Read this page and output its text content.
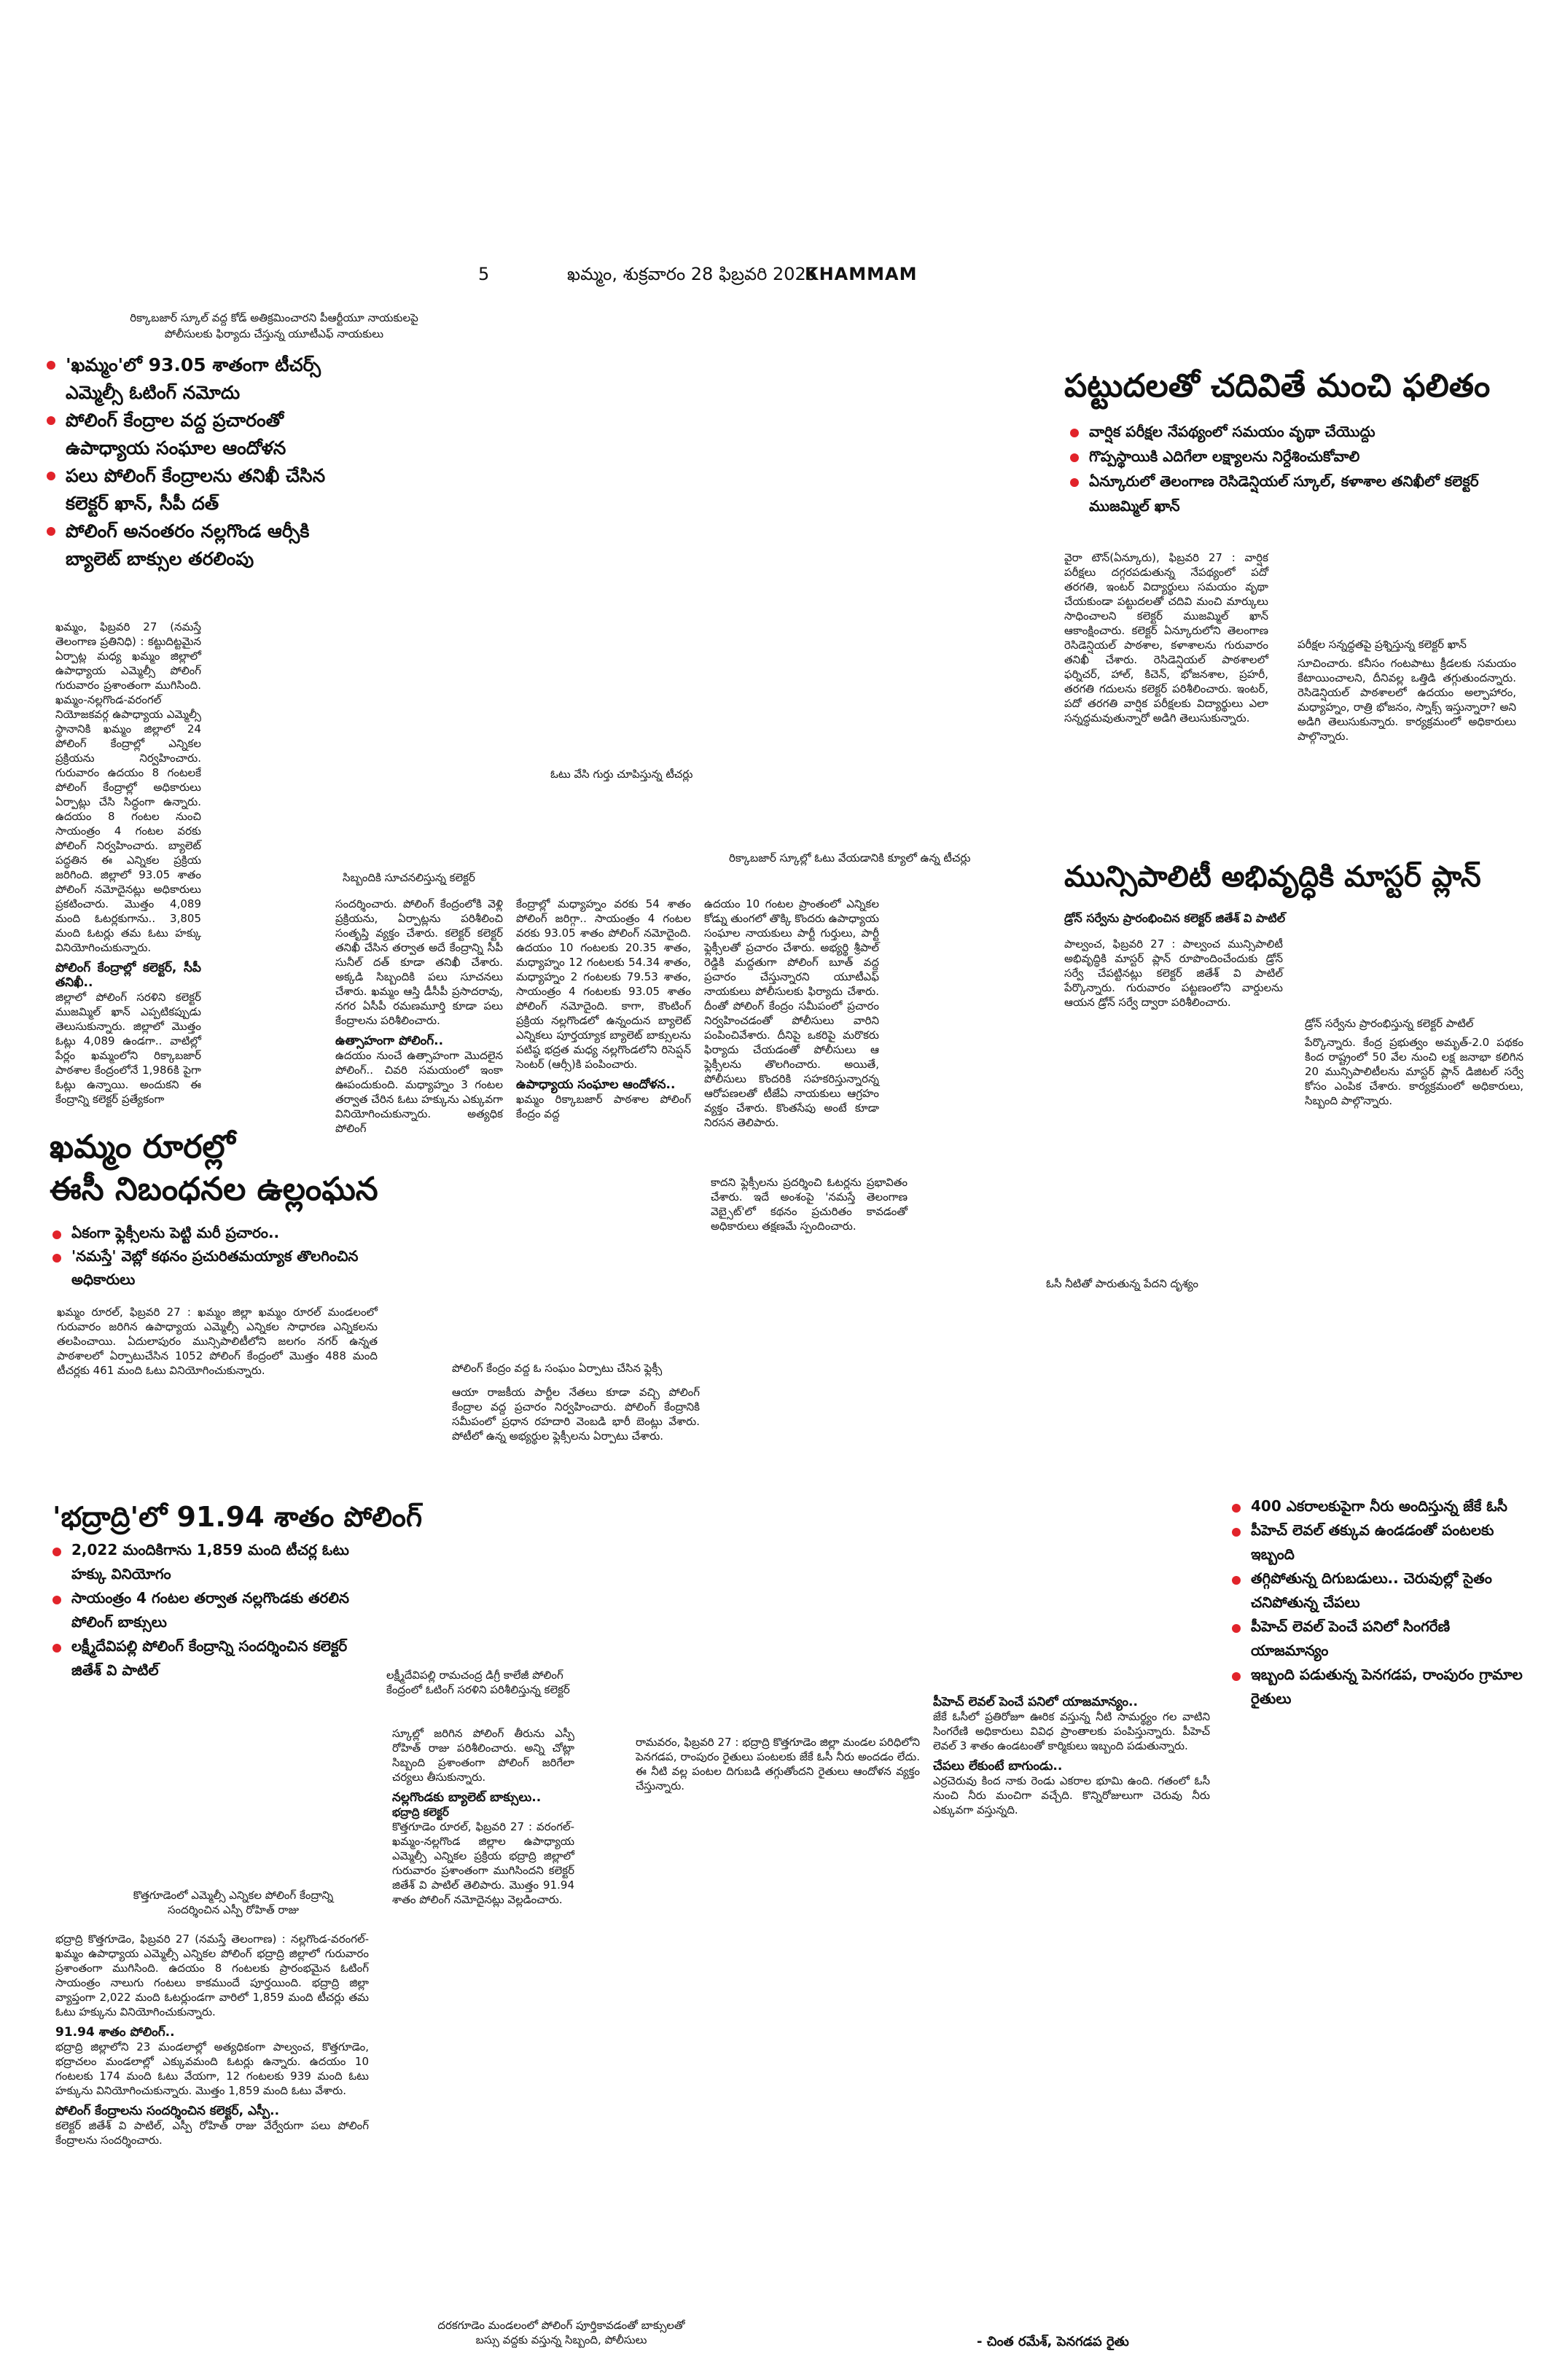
5	ఖమ్మం, శుక్రవారం 28 ఫిబ్రవరి 2025
KHAMMAM
రిక్కాబజార్ స్కూల్ వద్ద కోడ్ అతిక్రమించారని పీఆర్టీయూ నాయకులపై
పోలీసులకు ఫిర్యాదు చేస్తున్న యూటీఎఫ్ నాయకులు
'ఖమ్మం'లో 93.05 శాతంగా టీచర్స్ ఎమ్మెల్సీ ఓటింగ్ నమోదు
పోలింగ్ కేంద్రాల వద్ద ప్రచారంతో ఉపాధ్యాయ సంఘాల ఆందోళన
పలు పోలింగ్ కేంద్రాలను తనిఖీ చేసిన కలెక్టర్ ఖాన్, సీపీ దత్
పోలింగ్ అనంతరం నల్లగొండ ఆర్సీకి బ్యాలెట్ బాక్సుల తరలింపు

ఖమ్మం, ఫిబ్రవరి 27 (నమస్తే తెలంగాణ ప్రతినిధి) : కట్టుదిట్టమైన ఏర్పాట్ల మధ్య ఖమ్మం జిల్లాలో ఉపాధ్యాయ ఎమ్మెల్సీ పోలింగ్ గురువారం ప్రశాంతంగా ముగిసింది. ఖమ్మం-నల్లగొండ-వరంగల్ నియోజకవర్గ ఉపాధ్యాయ ఎమ్మెల్సీ స్థానానికి ఖమ్మం జిల్లాలో 24 పోలింగ్ కేంద్రాల్లో ఎన్నికల ప్రక్రియను నిర్వహించారు. గురువారం ఉదయం 8 గంటలకే పోలింగ్ కేంద్రాల్లో అధికారులు ఏర్పాట్లు చేసి సిద్ధంగా ఉన్నారు. ఉదయం 8 గంటల నుంచి సాయంత్రం 4 గంటల వరకు పోలింగ్ నిర్వహించారు. బ్యాలెట్ పద్ధతిన ఈ ఎన్నికల ప్రక్రియ జరిగింది. జిల్లాలో 93.05 శాతం పోలింగ్ నమోదైనట్లు అధికారులు ప్రకటించారు. మొత్తం 4,089 మంది ఓటర్లకుగాను.. 3,805 మంది ఓటర్లు తమ ఓటు హక్కు వినియోగించుకున్నారు.

పోలింగ్ కేంద్రాల్లో కలెక్టర్, సీపీ తనిఖీ..

జిల్లాలో పోలింగ్ సరళిని కలెక్టర్ ముజమ్మిల్ ఖాన్ ఎప్పటికప్పుడు తెలుసుకున్నారు. జిల్లాలో మొత్తం ఓట్లు 4,089 ఉండగా.. వాటిల్లో పేర్లం ఖమ్మంలోని రిక్కాబజార్ పాఠశాల కేంద్రంలోనే 1,986కి పైగా ఓట్లు ఉన్నాయి. అందుకని ఈ కేంద్రాన్ని కలెక్టర్ ప్రత్యేకంగా

ఓటు వేసి గుర్తు చూపిస్తున్న టీచర్లు
సిబ్బందికి సూచనలిస్తున్న కలెక్టర్
రిక్కాబజార్ స్కూల్లో ఓటు వేయడానికి క్యూలో ఉన్న టీచర్లు

సందర్శించారు. పోలింగ్ కేంద్రంలోకి వెళ్లి ప్రక్రియను, ఏర్పాట్లను పరిశీలించి సంతృప్తి వ్యక్తం చేశారు. కలెక్టర్ కలెక్టర్ తనిఖీ చేసిన తర్వాత అదే కేంద్రాన్ని సీపీ సునీల్ దత్ కూడా తనిఖీ చేశారు. అక్కడి సిబ్బందికి పలు సూచనలు చేశారు. ఖమ్మం ఆస్తి డీసీపీ ప్రసాదరావు, నగర ఏసీపీ రమణమూర్తి కూడా పలు కేంద్రాలను పరిశీలించారు.

ఉత్సాహంగా పోలింగ్..

ఉదయం నుంచే ఉత్సాహంగా మొదలైన పోలింగ్.. చివరి సమయంలో ఇంకా ఊపందుకుంది. మధ్యాహ్నం 3 గంటల తర్వాత చేరిన ఓటు హక్కును ఎక్కువగా వినియోగించుకున్నారు. అత్యధిక పోలింగ్

కేంద్రాల్లో మధ్యాహ్నం వరకు 54 శాతం పోలింగ్ జరిగ్గా.. సాయంత్రం 4 గంటల వరకు 93.05 శాతం పోలింగ్ నమోదైంది. ఉదయం 10 గంటలకు 20.35 శాతం, మధ్యాహ్నం 12 గంటలకు 54.34 శాతం, మధ్యాహ్నం 2 గంటలకు 79.53 శాతం, సాయంత్రం 4 గంటలకు 93.05 శాతం పోలింగ్ నమోదైంది. కాగా, కౌంటింగ్ ప్రక్రియ నల్లగొండలో ఉన్నందున బ్యాలెట్ ఎన్నికలు పూర్తయ్యాక బ్యాలెట్ బాక్సులను పటిష్ఠ భద్రత మధ్య నల్లగొండలోని రిసెప్షన్ సెంటర్ (ఆర్సీ)కి పంపించారు.

ఉపాధ్యాయ సంఘాల ఆందోళన..

ఖమ్మం రిక్కాబజార్ పాఠశాల పోలింగ్ కేంద్రం వద్ద

ఉదయం 10 గంటల ప్రాంతంలో ఎన్నికల కోడ్ను తుంగలో తొక్కి కొందరు ఉపాధ్యాయ సంఘాల నాయకులు పార్టీ గుర్తులు, పార్టీ ఫ్లెక్సీలతో ప్రచారం చేశారు. అభ్యర్థి శ్రీపాల్ రెడ్డికి మద్దతుగా పోలింగ్ బూత్ వద్ద ప్రచారం చేస్తున్నారని యూటీఎఫ్ నాయకులు పోలీసులకు ఫిర్యాదు చేశారు. దీంతో పోలింగ్ కేంద్రం సమీపంలో ప్రచారం నిర్వహించడంతో పోలీసులు వారిని పంపించివేశారు. దీనిపై ఒకరిపై మరొకరు ఫిర్యాదు చేయడంతో పోలీసులు ఆ ఫ్లెక్సీలను తొలగించారు. అయితే, పోలీసులు కొందరికి సహకరిస్తున్నారన్న ఆరోపణలతో టీజేఏ నాయకులు ఆగ్రహం వ్యక్తం చేశారు. కొంతసేపు అంటే కూడా నిరసన తెలిపారు.

పట్టుదలతో చదివితే మంచి ఫలితం
వార్షిక పరీక్షల నేపథ్యంలో సమయం వృథా చేయొద్దు
గొప్పస్థాయికి ఎదిగేలా లక్ష్యాలను నిర్దేశించుకోవాలి
ఏన్కూరులో తెలంగాణ రెసిడెన్షియల్ స్కూల్, కళాశాల తనిఖీలో కలెక్టర్ ముజమ్మిల్ ఖాన్
వైరా టౌన్(ఏన్కూరు), ఫిబ్రవరి 27 : వార్షిక పరీక్షలు దగ్గరపడుతున్న నేపథ్యంలో పదో తరగతి, ఇంటర్ విద్యార్థులు సమయం వృథా చేయకుండా పట్టుదలతో చదివి మంచి మార్కులు సాధించాలని కలెక్టర్ ముజమ్మిల్ ఖాన్ ఆకాంక్షించారు. కలెక్టర్ ఏన్కూరులోని తెలంగాణ రెసిడెన్షియల్ పాఠశాల, కళాశాలను గురువారం తనిఖీ చేశారు. రెసిడెన్షియల్ పాఠశాలలో ఫర్నిచర్, హాల్, కిచెన్, భోజనశాల, ప్రహరీ, తరగతి గదులను కలెక్టర్ పరిశీలించారు. ఇంటర్, పదో తరగతి వార్షిక పరీక్షలకు విద్యార్థులు ఎలా సన్నద్ధమవుతున్నారో అడిగి తెలుసుకున్నారు.
పరీక్షల సన్నద్ధతపై ప్రశ్నిస్తున్న కలెక్టర్ ఖాన్
సూచించారు. కనీసం గంటపాటు క్రీడలకు సమయం కేటాయించాలని, దీనివల్ల ఒత్తిడి తగ్గుతుందన్నారు. రెసిడెన్షియల్ పాఠశాలలో ఉదయం అల్పాహారం, మధ్యాహ్నం, రాత్రి భోజనం, స్నాక్స్ ఇస్తున్నారా? అని అడిగి తెలుసుకున్నారు. కార్యక్రమంలో అధికారులు పాల్గొన్నారు.
మున్సిపాలిటీ అభివృద్ధికి మాస్టర్ ప్లాన్
డ్రోన్ సర్వేను ప్రారంభించిన కలెక్టర్ జితేశ్ వి పాటిల్
పాల్వంచ, ఫిబ్రవరి 27 : పాల్వంచ మున్సిపాలిటీ అభివృద్ధికి మాస్టర్ ప్లాన్ రూపొందించేందుకు డ్రోన్ సర్వే చేపట్టినట్లు కలెక్టర్ జితేశ్ వి పాటిల్ పేర్కొన్నారు. గురువారం పట్టణంలోని వార్డులను ఆయన డ్రోన్ సర్వే ద్వారా పరిశీలించారు.
డ్రోన్ సర్వేను ప్రారంభిస్తున్న కలెక్టర్ పాటిల్
పేర్కొన్నారు. కేంద్ర ప్రభుత్వం అమృత్-2.0 పథకం కింద రాష్ట్రంలో 50 వేల నుంచి లక్ష జనాభా కలిగిన 20 మున్సిపాలిటీలను మాస్టర్ ప్లాన్ డిజిటల్ సర్వే కోసం ఎంపిక చేశారు. కార్యక్రమంలో అధికారులు, సిబ్బంది పాల్గొన్నారు.
ఓసీ నీటితో పారుతున్న పేదని దృశ్యం
ఖమ్మం రూరల్లో
ఈసీ నిబంధనల ఉల్లంఘన
ఏకంగా ఫ్లెక్సీలను పెట్టి మరీ ప్రచారం..
'నమస్తే' వెబ్లో కథనం ప్రచురితమయ్యాక తొలగించిన అధికారులు
ఖమ్మం రూరల్, ఫిబ్రవరి 27 : ఖమ్మం జిల్లా ఖమ్మం రూరల్ మండలంలో గురువారం జరిగిన ఉపాధ్యాయ ఎమ్మెల్సీ ఎన్నికల సాధారణ ఎన్నికలను తలపించాయి. ఏదులాపురం మున్సిపాలిటీలోని జలగం నగర్ ఉన్నత పాఠశాలలో ఏర్పాటుచేసిన 1052 పోలింగ్ కేంద్రంలో మొత్తం 488 మంది టీచర్లకు 461 మంది ఓటు వినియోగించుకున్నారు.	పోలింగ్ కేంద్రం వద్ద ఓ సంఘం ఏర్పాటు చేసిన ఫ్లెక్సీ
ఆయా రాజకీయ పార్టీల నేతలు కూడా వచ్చి పోలింగ్ కేంద్రాల వద్ద ప్రచారం నిర్వహించారు. పోలింగ్ కేంద్రానికి సమీపంలో ప్రధాన రహదారి వెంబడి భారీ బెంట్లు వేశారు. పోటీలో ఉన్న అభ్యర్థుల ఫ్లెక్సీలను ఏర్పాటు చేశారు.
కాదని ఫ్లెక్సీలను ప్రదర్శించి ఓటర్లను ప్రభావితం చేశారు. ఇదే అంశంపై 'నమస్తే తెలంగాణ వెబ్సైట్'లో కథనం ప్రచురితం కావడంతో అధికారులు తక్షణమే స్పందించారు.
'భద్రాద్రి'లో 91.94 శాతం పోలింగ్
2,022 మందికిగాను 1,859 మంది టీచర్ల ఓటు హక్కు వినియోగం
సాయంత్రం 4 గంటల తర్వాత నల్లగొండకు తరలిన పోలింగ్ బాక్సులు
లక్ష్మీదేవిపల్లి పోలింగ్ కేంద్రాన్ని సందర్శించిన కలెక్టర్ జితేశ్ వి పాటిల్	లక్ష్మీదేవిపల్లి రామచంద్ర డిగ్రీ కాలేజీ పోలింగ్
కేంద్రంలో ఓటింగ్ సరళిని పరిశీలిస్తున్న కలెక్టర్
కొత్తగూడెంలో ఎమ్మెల్సీ ఎన్నికల పోలింగ్ కేంద్రాన్ని
సందర్శించిన ఎస్పీ రోహిత్ రాజు

భద్రాద్రి కొత్తగూడెం, ఫిబ్రవరి 27 (నమస్తే తెలంగాణ) : నల్లగొండ-వరంగల్-ఖమ్మం ఉపాధ్యాయ ఎమ్మెల్సీ ఎన్నికల పోలింగ్ భద్రాద్రి జిల్లాలో గురువారం ప్రశాంతంగా ముగిసింది. ఉదయం 8 గంటలకు ప్రారంభమైన ఓటింగ్ సాయంత్రం నాలుగు గంటలు కాకముందే పూర్తయింది. భద్రాద్రి జిల్లా వ్యాప్తంగా 2,022 మంది ఓటర్లుండగా వారిలో 1,859 మంది టీచర్లు తమ ఓటు హక్కును వినియోగించుకున్నారు.

91.94 శాతం పోలింగ్..

భద్రాద్రి జిల్లాలోని 23 మండలాల్లో అత్యధికంగా పాల్వంచ, కొత్తగూడెం, భద్రాచలం మండలాల్లో ఎక్కువమంది ఓటర్లు ఉన్నారు. ఉదయం 10 గంటలకు 174 మంది ఓటు వేయగా, 12 గంటలకు 939 మంది ఓటు హక్కును వినియోగించుకున్నారు. మొత్తం 1,859 మంది ఓటు వేశారు.

పోలింగ్ కేంద్రాలను సందర్శించిన కలెక్టర్, ఎస్పీ..

కలెక్టర్ జితేశ్ వి పాటిల్, ఎస్పీ రోహిత్ రాజు వేర్వేరుగా పలు పోలింగ్ కేంద్రాలను సందర్శించారు.

స్కూల్లో జరిగిన పోలింగ్ తీరును ఎస్పీ రోహిత్ రాజు పరిశీలించారు. అన్ని చోట్లా సిబ్బంది ప్రశాంతంగా పోలింగ్ జరిగేలా చర్యలు తీసుకున్నారు.

నల్లగొండకు బ్యాలెట్ బాక్సులు..
భద్రాద్రి కలెక్టర్

కొత్తగూడెం రూరల్, ఫిబ్రవరి 27 : వరంగల్-ఖమ్మం-నల్లగొండ జిల్లాల ఉపాధ్యాయ ఎమ్మెల్సీ ఎన్నికల ప్రక్రియ భద్రాద్రి జిల్లాలో గురువారం ప్రశాంతంగా ముగిసిందని కలెక్టర్ జితేశ్ వి పాటిల్ తెలిపారు. మొత్తం 91.94 శాతం పోలింగ్ నమోదైనట్లు వెల్లడించారు.

దరకగూడెం మండలంలో పోలింగ్ పూర్తికావడంతో బాక్సులతో
బస్సు వద్దకు వస్తున్న సిబ్బంది, పోలీసులు
400 ఎకరాలకుపైగా నీరు అందిస్తున్న జేకే ఓసీ
పీహెచ్ లెవల్ తక్కువ ఉండడంతో పంటలకు ఇబ్బంది
తగ్గిపోతున్న దిగుబడులు.. చెరువుల్లో సైతం చనిపోతున్న చేపలు
పీహెచ్ లెవల్ పెంచే పనిలో సింగరేణి యాజమాన్యం
ఇబ్బంది పడుతున్న పెనగడప, రాంపురం గ్రామాల రైతులు
రామవరం, ఫిబ్రవరి 27 : భద్రాద్రి కొత్తగూడెం జిల్లా మండల పరిధిలోని పెనగడప, రాంపురం రైతులు పంటలకు జేకే ఓసీ నీరు అందడం లేదు. ఈ నీటి వల్ల పంటల దిగుబడి తగ్గుతోందని రైతులు ఆందోళన వ్యక్తం చేస్తున్నారు.
పీహెచ్ లెవల్ పెంచే పనిలో యాజమాన్యం..

జేకే ఓసీలో ప్రతిరోజూ ఊరిక వస్తున్న నీటి సామర్థ్యం గల వాటిని సింగరేణి అధికారులు వివిధ ప్రాంతాలకు పంపిస్తున్నారు. పీహెచ్ లెవల్ 3 శాతం ఉండటంతో కార్మికులు ఇబ్బంది పడుతున్నారు.

చేపలు లేకుంటే బాగుండు..

ఎర్రచెరువు కింద నాకు రెండు ఎకరాల భూమి ఉంది. గతంలో ఓసీ నుంచి నీరు మంచిగా వచ్చేది. కొన్నిరోజులుగా చెరువు నీరు ఎక్కువగా వస్తున్నది.

- చింత రమేశ్, పెనగడప రైతు
